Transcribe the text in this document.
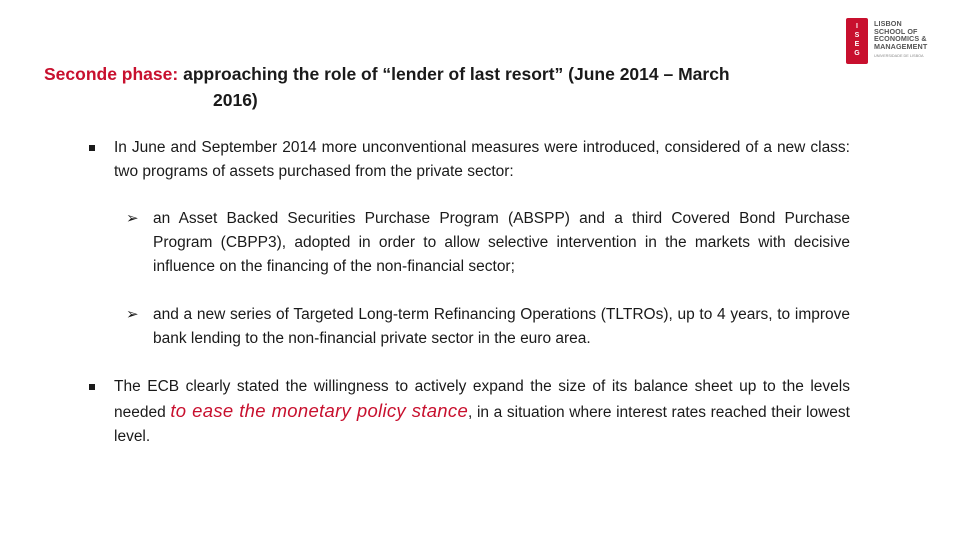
I
S
E
G
LISBON
SCHOOL OF
ECONOMICS &
MANAGEMENT
UNIVERSIDADE DE LISBOA
Seconde phase: approaching the role of “lender of last resort” (June 2014 – March
2016)
In June and September 2014 more unconventional measures were introduced, considered of a new class: two programs of assets purchased from the private sector:
➢ an Asset Backed Securities Purchase Program (ABSPP) and a third Covered Bond Purchase Program (CBPP3), adopted in order to allow selective intervention in the markets with decisive influence on the financing of the non-financial sector;
➢ and a new series of Targeted Long-term Refinancing Operations (TLTROs), up to 4 years, to improve bank lending to the non-financial private sector in the euro area.
The ECB clearly stated the willingness to actively expand the size of its balance sheet up to the levels needed to ease the monetary policy stance, in a situation where interest rates reached their lowest level.
